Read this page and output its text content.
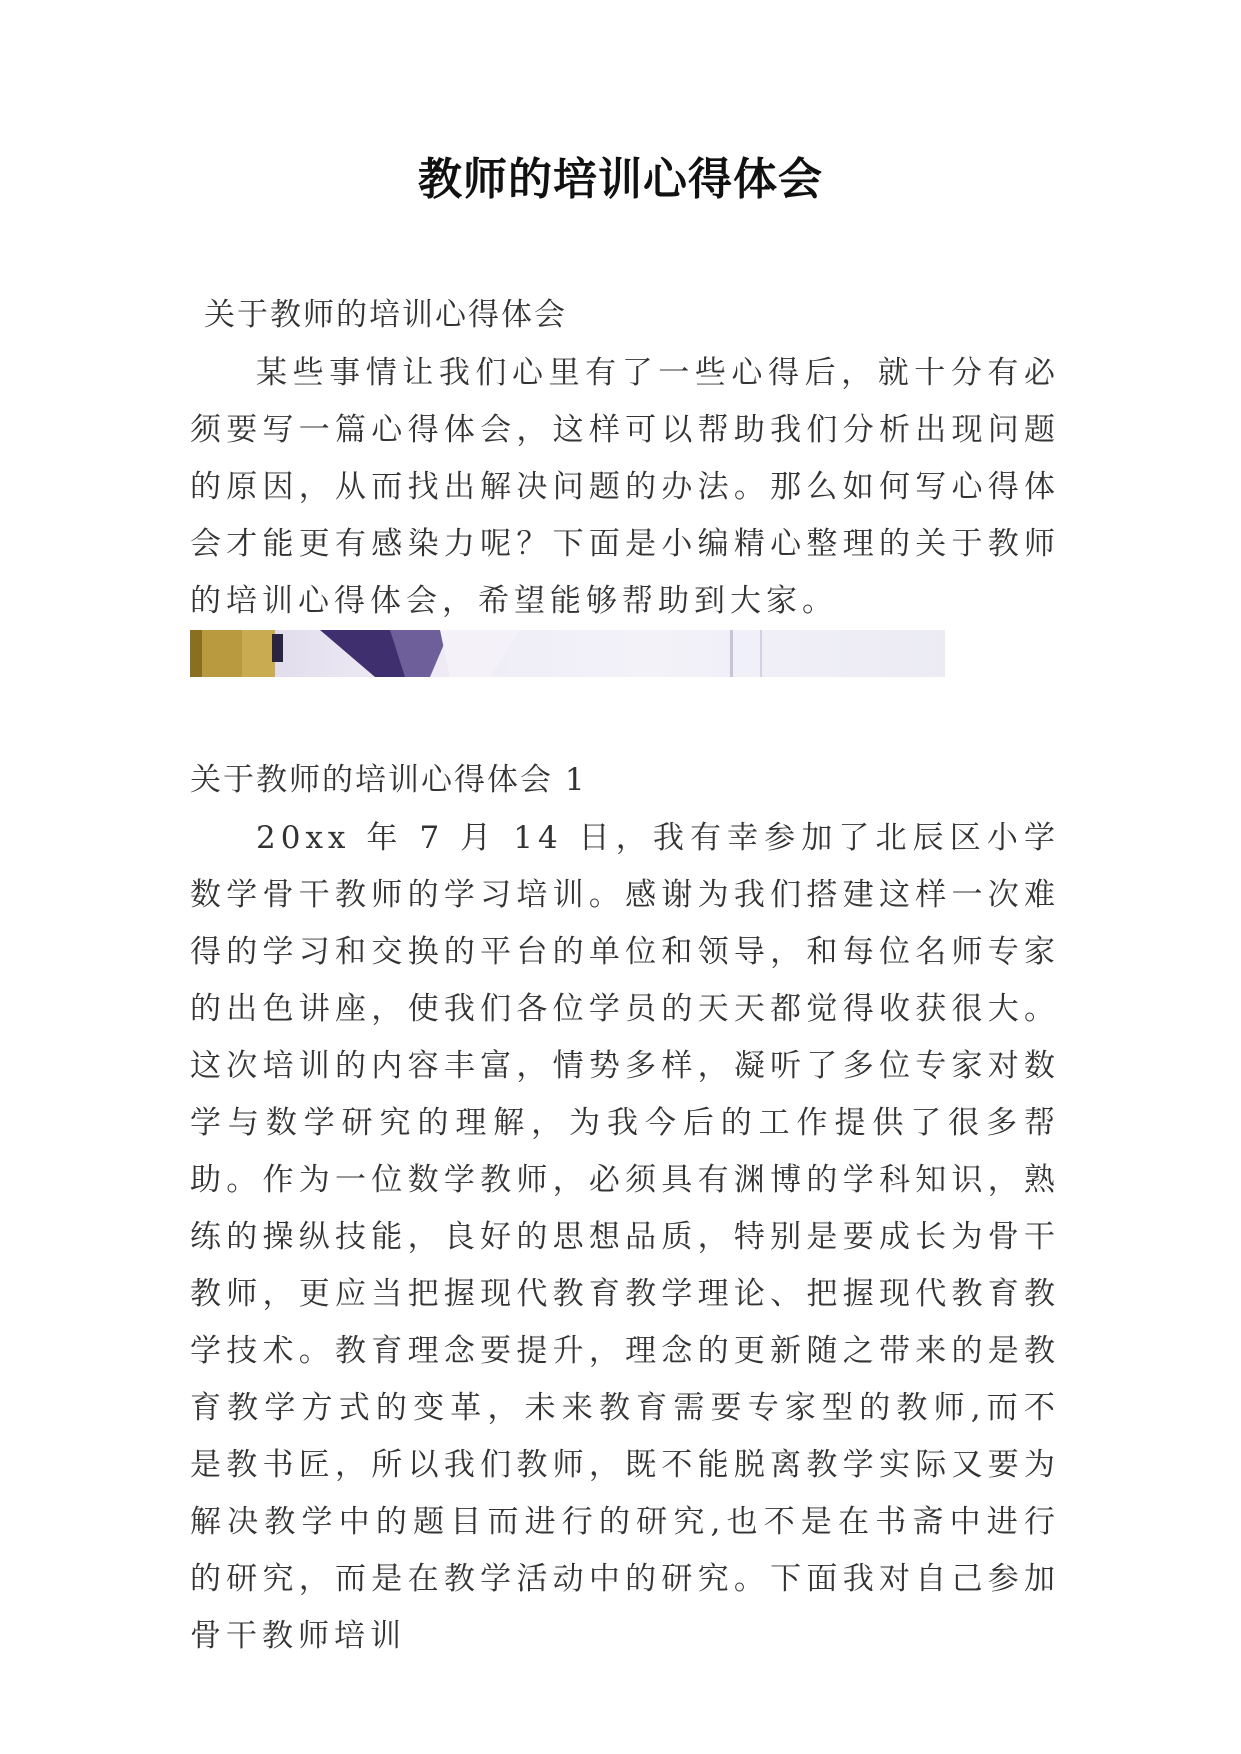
教师的培训心得体会
关于教师的培训心得体会

某些事情让我们心里有了一些心得后，就十分有必须要写一篇心得体会，这样可以帮助我们分析出现问题的原因，从而找出解决问题的办法。那么如何写心得体会才能更有感染力呢？下面是小编精心整理的关于教师的培训心得体会，希望能够帮助到大家。

关于教师的培训心得体会 1

20xx 年 7 月 14 日，我有幸参加了北辰区小学数学骨干教师的学习培训。感谢为我们搭建这样一次难得的学习和交换的平台的单位和领导，和每位名师专家的出色讲座，使我们各位学员的天天都觉得收获很大。这次培训的内容丰富，情势多样，凝听了多位专家对数学与数学研究的理解，为我今后的工作提供了很多帮助。作为一位数学教师，必须具有渊博的学科知识，熟练的操纵技能，良好的思想品质，特别是要成长为骨干教师，更应当把握现代教育教学理论、把握现代教育教学技术。教育理念要提升，理念的更新随之带来的是教育教学方式的变革，未来教育需要专家型的教师,而不是教书匠，所以我们教师，既不能脱离教学实际又要为解决教学中的题目而进行的研究,也不是在书斋中进行的研究，而是在教学活动中的研究。下面我对自己参加骨干教师培训
